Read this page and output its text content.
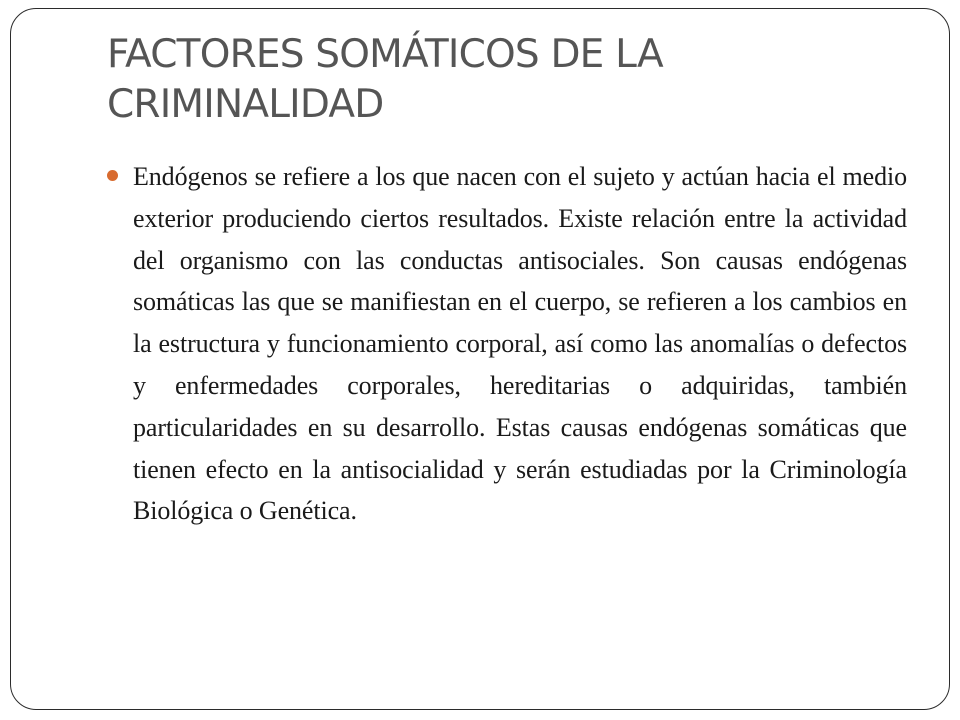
FACTORES SOMÁTICOS DE LA CRIMINALIDAD

Endógenos se refiere a los que nacen con el sujeto y actúan hacia el medio exterior produciendo ciertos resultados. Existe relación entre la actividad del organismo con las conductas antisociales. Son causas endógenas somáticas las que se manifiestan en el cuerpo, se refieren a los cambios en la estructura y funcionamiento corporal, así como las anomalías o defectos y enfermedades corporales, hereditarias o adquiridas, también particularidades en su desarrollo. Estas causas endógenas somáticas que tienen efecto en la antisocialidad y serán estudiadas por la Criminología Biológica o Genética.
